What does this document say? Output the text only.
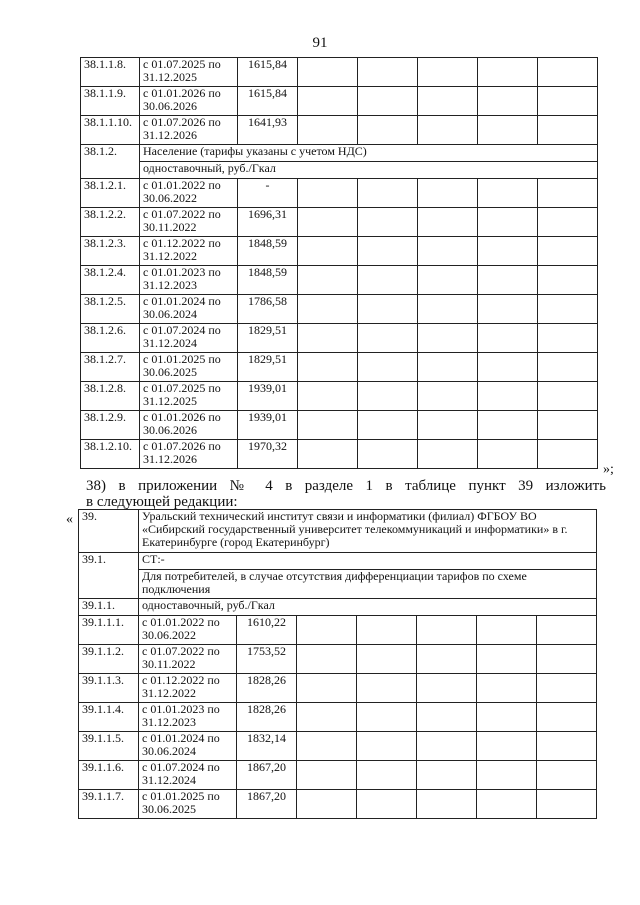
91
38.1.1.8.	с 01.07.2025 по 31.12.2025	1615,84					
38.1.1.9.	с 01.01.2026 по 30.06.2026	1615,84					
38.1.1.10.	с 01.07.2026 по 31.12.2026	1641,93					
38.1.2.	Население (тарифы указаны с учетом НДС)						
	одноставочный, руб./Гкал						
38.1.2.1.	с 01.01.2022 по 30.06.2022	-					
38.1.2.2.	с 01.07.2022 по 30.11.2022	1696,31					
38.1.2.3.	с 01.12.2022 по 31.12.2022	1848,59					
38.1.2.4.	с 01.01.2023 по 31.12.2023	1848,59					
38.1.2.5.	с 01.01.2024 по 30.06.2024	1786,58					
38.1.2.6.	с 01.07.2024 по 31.12.2024	1829,51					
38.1.2.7.	с 01.01.2025 по 30.06.2025	1829,51					
38.1.2.8.	с 01.07.2025 по 31.12.2025	1939,01					
38.1.2.9.	с 01.01.2026 по 30.06.2026	1939,01					
38.1.2.10.	с 01.07.2026 по 31.12.2026	1970,32					
»;
38) в приложении № 4 в разделе 1 в таблице пункт 39 изложить
в следующей редакции:
« 39.	Уральский технический институт связи и информатики (филиал) ФГБОУ ВО «Сибирский государственный университет телекоммуникаций и информатики» в г. Екатеринбурге (город Екатеринбург)						
39.1.	СТ:-						
	Для потребителей, в случае отсутствия дифференциации тарифов по схеме подключения						
39.1.1.	одноставочный, руб./Гкал						
39.1.1.1.	с 01.01.2022 по 30.06.2022	1610,22					
39.1.1.2.	с 01.07.2022 по 30.11.2022	1753,52					
39.1.1.3.	с 01.12.2022 по 31.12.2022	1828,26					
39.1.1.4.	с 01.01.2023 по 31.12.2023	1828,26					
39.1.1.5.	с 01.01.2024 по 30.06.2024	1832,14					
39.1.1.6.	с 01.07.2024 по 31.12.2024	1867,20					
39.1.1.7.	с 01.01.2025 по 30.06.2025	1867,20					
